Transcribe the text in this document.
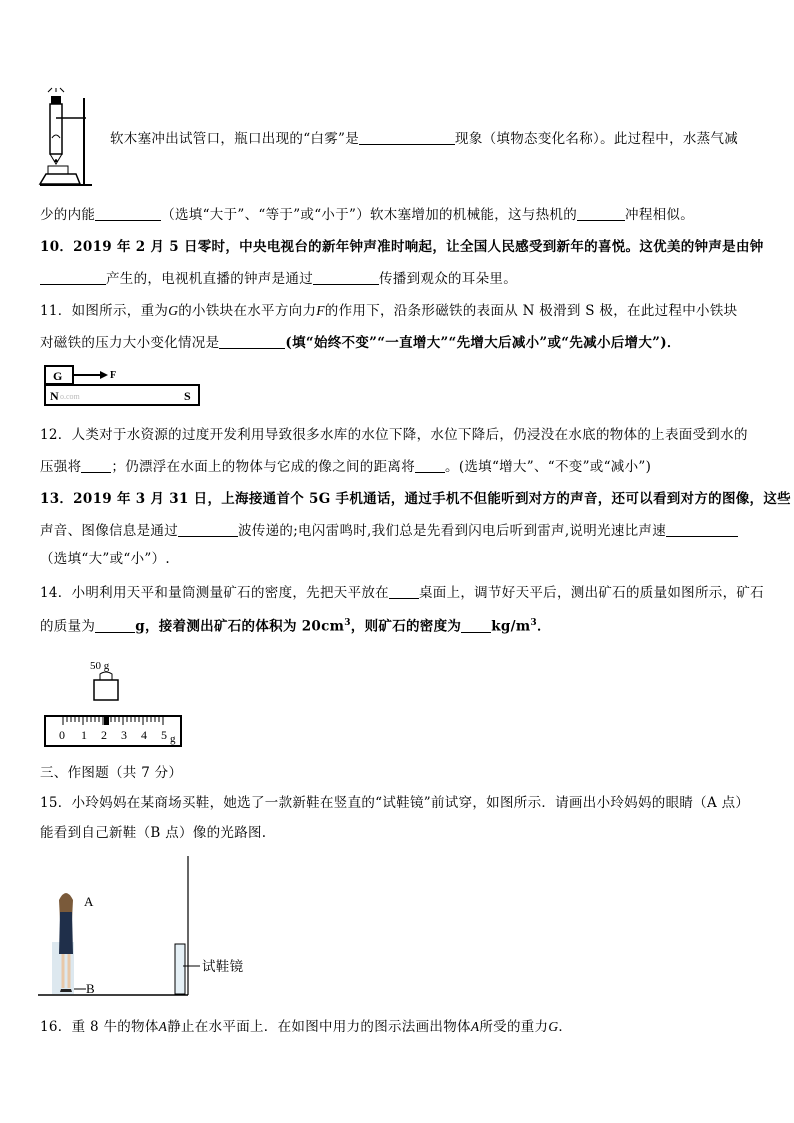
软木塞冲出试管口，瓶口出现的“白雾”是	现象（填物态变化名称）。此过程中，水蒸气减
少的内能	（选填“大于”、“等于”或“小于”）软木塞增加的机械能，这与热机的	冲程相似。
10．2019 年 2 月 5 日零时，中央电视台的新年钟声准时响起，让全国人民感受到新年的喜悦。这优美的钟声是由钟
产生的，电视机直播的钟声是通过	传播到观众的耳朵里。
11．如图所示，重为G的小铁块在水平方向力F的作用下，沿条形磁铁的表面从 N 极滑到 S 极，在此过程中小铁块
对磁铁的压力大小变化情况是	(填“始终不变”“一直增大”“先增大后减小”或“先减小后增大”)．
G	F
N o.com	S
12．人类对于水资源的过度开发利用导致很多水库的水位下降，水位下降后，仍浸没在水底的物体的上表面受到水的
压强将 ；仍漂浮在水面上的物体与它成的像之间的距离将 。(选填“增大”、“不变”或“减小”)
13．2019 年 3 月 31 日，上海接通首个 5G 手机通话，通过手机不但能听到对方的声音，还可以看到对方的图像，这些
声音、图像信息是通过	波传递的;电闪雷鸣时,我们总是先看到闪电后听到雷声,说明光速比声速
（选填“大”或“小”）.
14．小明利用天平和量筒测量矿石的密度，先把天平放在 桌面上，调节好天平后，测出矿石的质量如图所示，矿石
的质量为	g，接着测出矿石的体积为 $20cm^3$，则矿石的密度为 $kg/m^3$．
50 g
0 1 2 3 4 5 g
三、作图题（共 7 分）
15．小玲妈妈在某商场买鞋，她选了一款新鞋在竖直的“试鞋镜”前试穿，如图所示．请画出小玲妈妈的眼睛（A 点）
能看到自己新鞋（B 点）像的光路图.
A
B
试鞋镜
16．重 8 牛的物体A静止在水平面上．在如图中用力的图示法画出物体A所受的重力G．
